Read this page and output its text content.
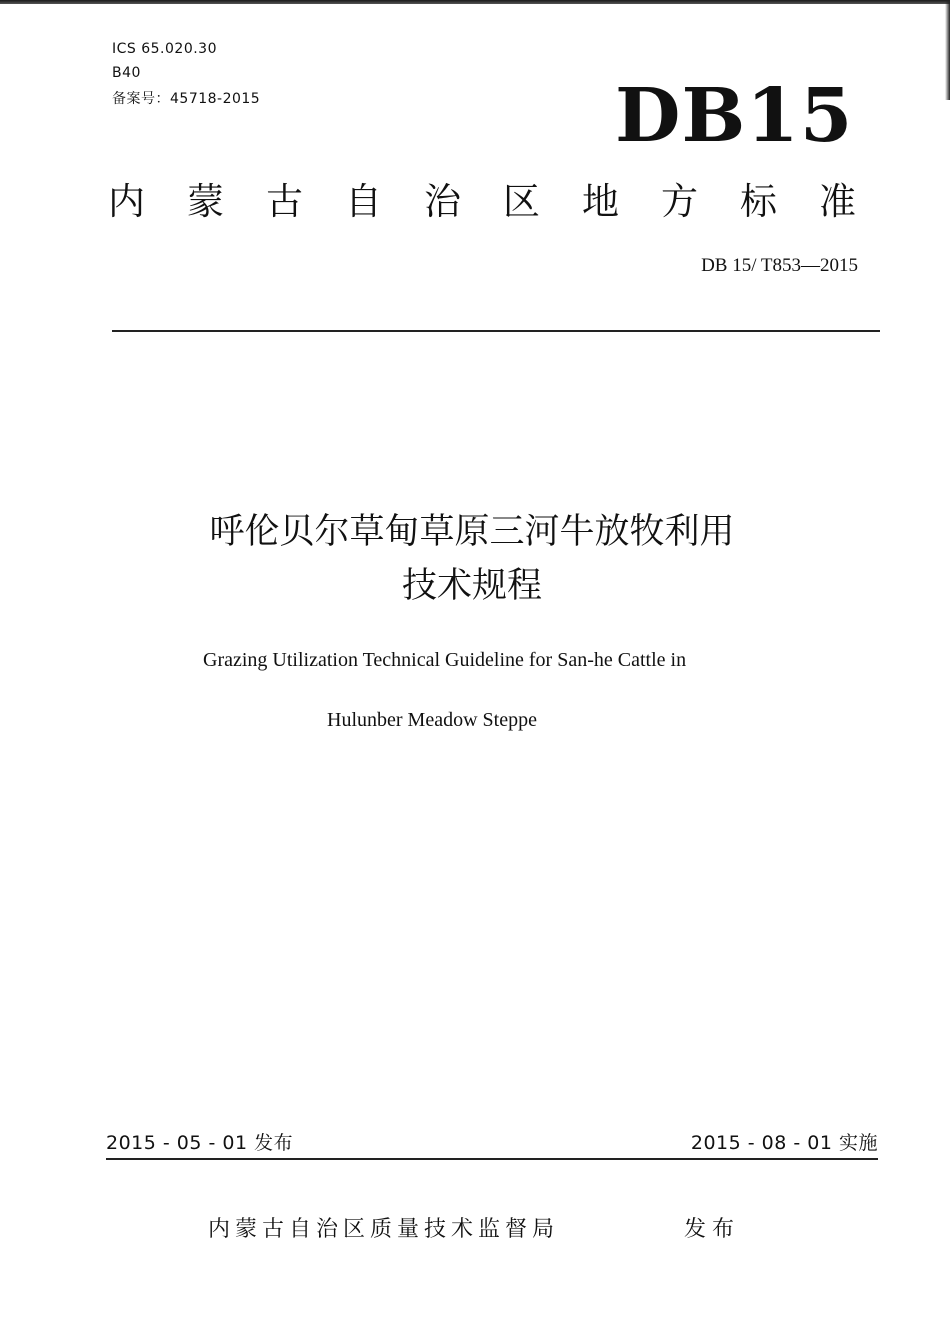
ICS 65.020.30
B40
备案号：45718-2015	DB15
内蒙古自治区地方标准
DB 15/ T853—2015
呼伦贝尔草甸草原三河牛放牧利用
技术规程
Grazing Utilization Technical Guideline for San-he Cattle in
Hulunber Meadow Steppe
2015 - 05 - 01 发布	2015 - 08 - 01 实施
内蒙古自治区质量技术监督局	发布
